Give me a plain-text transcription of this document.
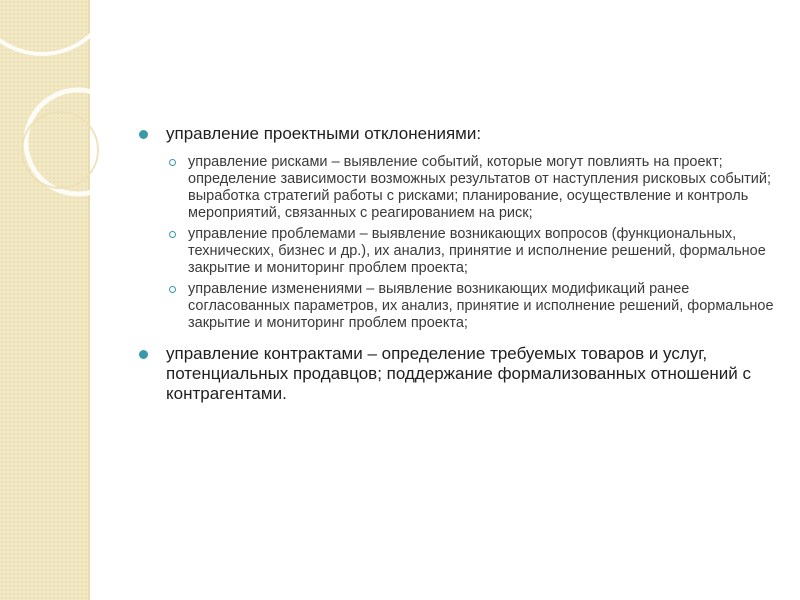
управление проектными отклонениями:
управление рисками – выявление событий, которые могут повлиять на проект; определение зависимости возможных результатов от наступления рисковых событий; выработка стратегий работы с рисками; планирование, осуществление и контроль мероприятий, связанных с реагированием на риск;
управление проблемами – выявление возникающих вопросов (функциональных, технических, бизнес и др.), их анализ, принятие и исполнение решений, формальное закрытие и мониторинг проблем проекта;
управление изменениями – выявление возникающих модификаций ранее согласованных параметров, их анализ, принятие и исполнение решений, формальное закрытие и мониторинг проблем проекта;
управление контрактами – определение требуемых товаров и услуг, потенциальных продавцов; поддержание формализованных отношений с контрагентами.
